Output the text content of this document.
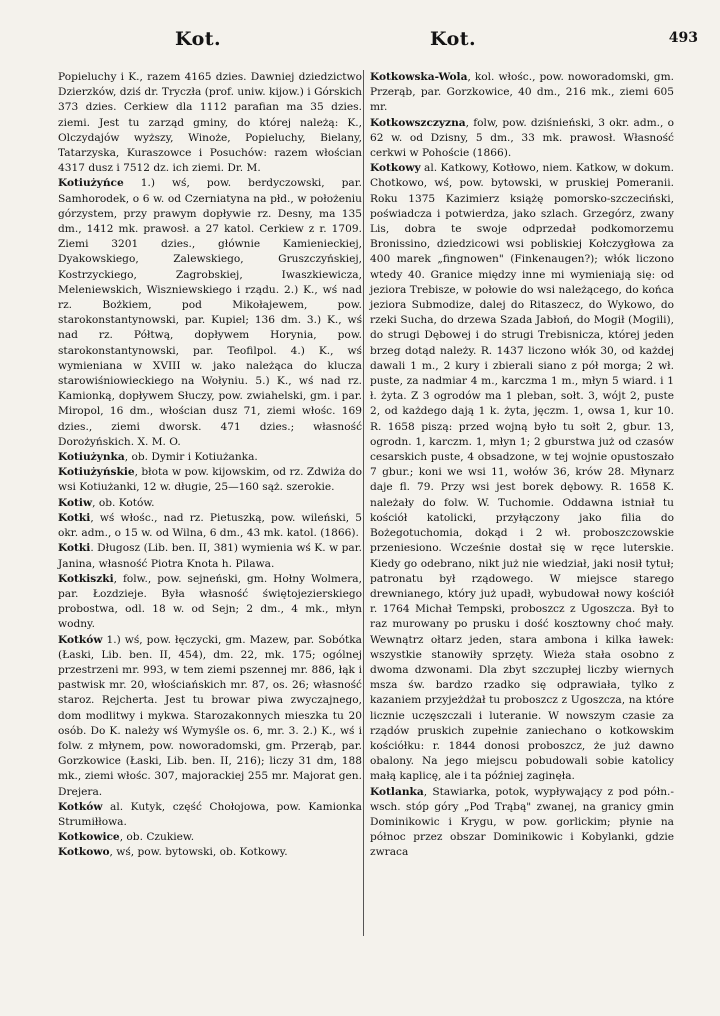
Kot.	Kot.	493

Popieluchy i K., razem 4165 dzies. Dawniej dziedzictwo Dzierzków, dziś dr. Tryczła (prof. uniw. kijow.) i Górskich 373 dzies. Cerkiew dla 1112 parafian ma 35 dzies. ziemi. Jest tu zarząd gminy, do której należą: K., Olczydajów wyższy, Winoże, Popieluchy, Bielany, Tatarzyska, Kuraszowce i Posuchów: razem włościan 4317 dusz i 7512 dz. ich ziemi. Dr. M.

Kotiużyńce 1.) wś, pow. berdyczowski, par. Samhorodek, o 6 w. od Czerniatyna na płd., w położeniu górzystem, przy prawym dopływie rz. Desny, ma 135 dm., 1412 mk. prawosł. a 27 katol. Cerkiew z r. 1709. Ziemi 3201 dzies., głównie Kamienieckiej, Dyakowskiego, Zalewskiego, Gruszczyńskiej, Kostrzyckiego, Zagrobskiej, Iwaszkiewicza, Meleniewskich, Wiszniewskiego i rządu. 2.) K., wś nad rz. Bożkiem, pod Mikołajewem, pow. starokonstantynowski, par. Kupiel; 136 dm. 3.) K., wś nad rz. Półtwą, dopływem Horynia, pow. starokonstantynowski, par. Teofilpol. 4.) K., wś wymieniana w XVIII w. jako należąca do klucza starowiśniowieckiego na Wołyniu. 5.) K., wś nad rz. Kamionką, dopływem Słuczy, pow. zwiahelski, gm. i par. Miropol, 16 dm., włościan dusz 71, ziemi włośc. 169 dzies., ziemi dworsk. 471 dzies.; własność Dorożyńskich. X. M. O.

Kotiużynka, ob. Dymir i Kotiużanka.

Kotiużyńskie, błota w pow. kijowskim, od rz. Zdwiża do wsi Kotiużanki, 12 w. długie, 25—160 sąż. szerokie.

Kotiw, ob. Kotów.

Kotki, wś włośc., nad rz. Pietuszką, pow. wileński, 5 okr. adm., o 15 w. od Wilna, 6 dm., 43 mk. katol. (1866).

Kotki. Długosz (Lib. ben. II, 381) wymienia wś K. w par. Janina, własność Piotra Knota h. Pilawa.

Kotkiszki, folw., pow. sejneński, gm. Hołny Wolmera, par. Łozdzieje. Była własność świętojezierskiego probostwa, odl. 18 w. od Sejn; 2 dm., 4 mk., młyn wodny.

Kotków 1.) wś, pow. łęczycki, gm. Mazew, par. Sobótka (Łaski, Lib. ben. II, 454), dm. 22, mk. 175; ogólnej przestrzeni mr. 993, w tem ziemi pszennej mr. 886, łąk i pastwisk mr. 20, włościańskich mr. 87, os. 26; własność staroz. Rejcherta. Jest tu browar piwa zwyczajnego, dom modlitwy i mykwa. Starozakonnych mieszka tu 20 osób. Do K. należy wś Wymyśle os. 6, mr. 3. 2.) K., wś i folw. z młynem, pow. noworadomski, gm. Przerąb, par. Gorzkowice (Łaski, Lib. ben. II, 216); liczy 31 dm, 188 mk., ziemi włośc. 307, majorackiej 255 mr. Majorat gen. Drejera.

Kotków al. Kutyk, część Chołojowa, pow. Kamionka Strumiłłowa.

Kotkowice, ob. Czukiew.

Kotkowo, wś, pow. bytowski, ob. Kotkowy.

Kotkowska-Wola, kol. włośc., pow. noworadomski, gm. Przerąb, par. Gorzkowice, 40 dm., 216 mk., ziemi 605 mr.

Kotkowszczyzna, folw, pow. dziśnieński, 3 okr. adm., o 62 w. od Dzisny, 5 dm., 33 mk. prawosł. Własność cerkwi w Pohoście (1866).

Kotkowy al. Katkowy, Kotłowo, niem. Katkow, w dokum. Chotkowo, wś, pow. bytowski, w pruskiej Pomeranii. Roku 1375 Kazimierz książę pomorsko-szczeciński, poświadcza i potwierdza, jako szlach. Grzegórz, zwany Lis, dobra te swoje odprzedał podkomorzemu Bronissino, dziedzicowi wsi pobliskiej Kołczygłowa za 400 marek „fingnowen" (Finkenaugen?); włók liczono wtedy 40. Granice między inne mi wymieniają się: od jeziora Trebisze, w połowie do wsi należącego, do końca jeziora Submodize, dalej do Ritaszecz, do Wykowo, do rzeki Sucha, do drzewa Szada Jabłoń, do Mogił (Mogili), do strugi Dębowej i do strugi Trebisnicza, której jeden brzeg dotąd należy. R. 1437 liczono włók 30, od każdej dawali 1 m., 2 kury i zbierali siano z pół morga; 2 wł. puste, za nadmiar 4 m., karczma 1 m., młyn 5 wiard. i 1 ł. żyta. Z 3 ogrodów ma 1 pleban, sołt. 3, wójt 2, puste 2, od każdego dają 1 k. żyta, jęczm. 1, owsa 1, kur 10. R. 1658 piszą: przed wojną było tu sołt 2, gbur. 13, ogrodn. 1, karczm. 1, młyn 1; 2 gburstwa już od czasów cesarskich puste, 4 obsadzone, w tej wojnie opustoszało 7 gbur.; koni we wsi 11, wołów 36, krów 28. Młynarz daje fl. 79. Przy wsi jest borek dębowy. R. 1658 K. należały do folw. W. Tuchomie. Oddawna istniał tu kościół katolicki, przyłączony jako filia do Bożegotuchomia, dokąd i 2 wł. proboszczowskie przeniesiono. Wcześnie dostał się w ręce luterskie. Kiedy go odebrano, nikt już nie wiedział, jaki nosił tytuł; patronatu był rządowego. W miejsce starego drewnianego, który już upadł, wybudował nowy kościół r. 1764 Michał Tempski, proboszcz z Ugoszcza. Był to raz murowany po prusku i dość kosztowny choć mały. Wewnątrz ołtarz jeden, stara ambona i kilka ławek: wszystkie stanowiły sprzęty. Wieża stała osobno z dwoma dzwonami. Dla zbyt szczupłej liczby wiernych msza św. bardzo rzadko się odprawiała, tylko z kazaniem przyjeżdżał tu proboszcz z Ugoszcza, na które licznie uczęszczali i luteranie. W nowszym czasie za rządów pruskich zupełnie zaniechano o kotkowskim kościółku: r. 1844 donosi proboszcz, że już dawno obalony. Na jego miejscu pobudowali sobie katolicy małą kaplicę, ale i ta później zaginęła.

Kotlanka, Stawiarka, potok, wypływający z pod półn.-wsch. stóp góry „Pod Trąbą" zwanej, na granicy gmin Dominikowic i Krygu, w pow. gorlickim; płynie na północ przez obszar Dominikowic i Kobylanki, gdzie zwraca
